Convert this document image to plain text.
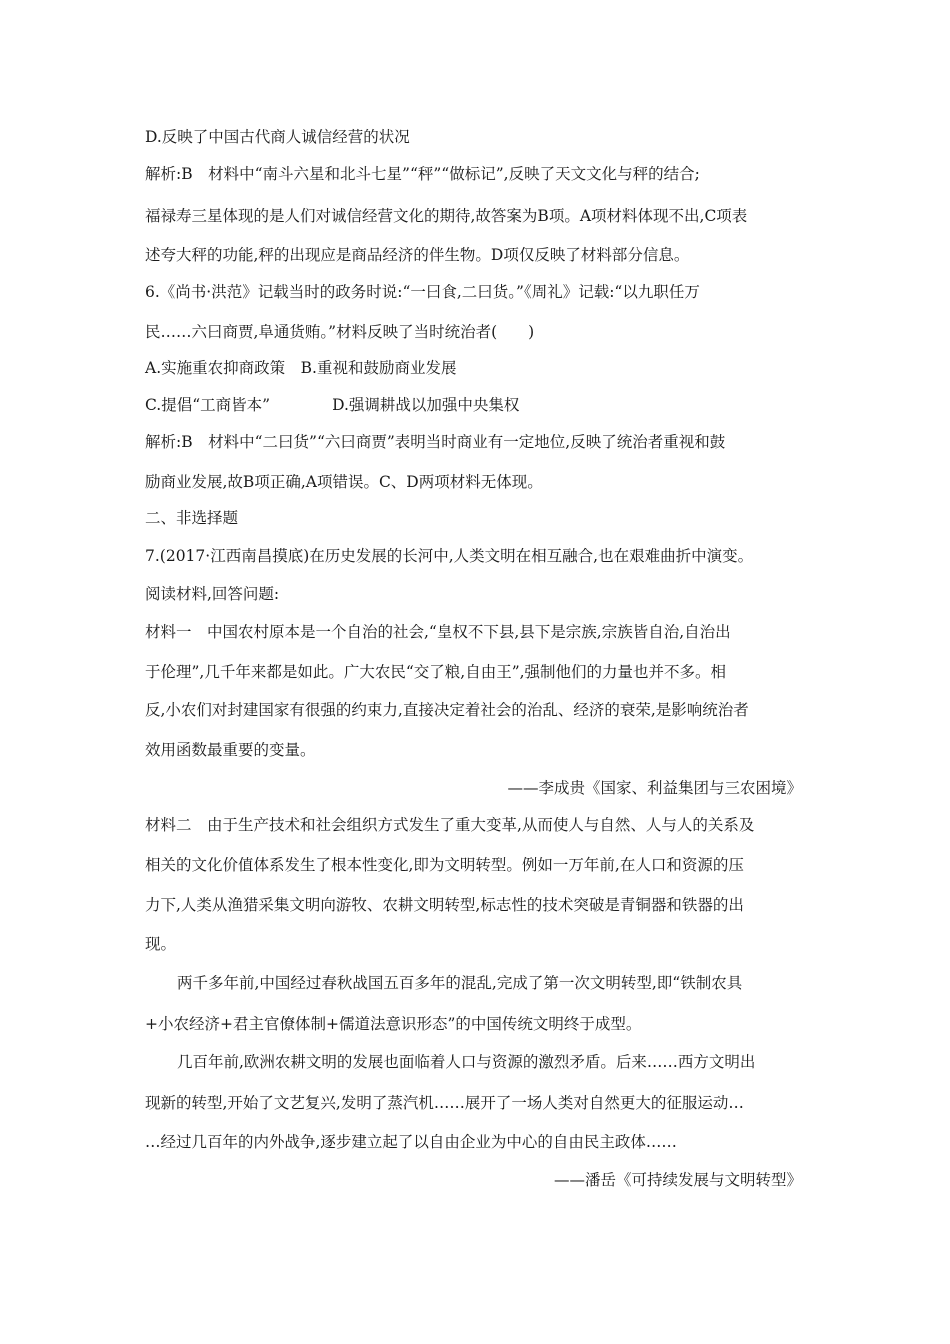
D.反映了中国古代商人诚信经营的状况
解析:B　材料中“南斗六星和北斗七星”“秤”“做标记”,反映了天文文化与秤的结合;
福禄寿三星体现的是人们对诚信经营文化的期待,故答案为B项。A项材料体现不出,C项表
述夸大秤的功能,秤的出现应是商品经济的伴生物。D项仅反映了材料部分信息。
6.《尚书·洪范》记载当时的政务时说:“一曰食,二曰货。”《周礼》记载:“以九职任万
民……六曰商贾,阜通货贿。”材料反映了当时统治者(　　)
A.实施重农抑商政策　B.重视和鼓励商业发展
C.提倡“工商皆本”　　　　D.强调耕战以加强中央集权
解析:B　材料中“二曰货”“六曰商贾”表明当时商业有一定地位,反映了统治者重视和鼓
励商业发展,故B项正确,A项错误。C、D两项材料无体现。
二、非选择题
7.(2017·江西南昌摸底)在历史发展的长河中,人类文明在相互融合,也在艰难曲折中演变。
阅读材料,回答问题:
材料一　中国农村原本是一个自治的社会,“皇权不下县,县下是宗族,宗族皆自治,自治出
于伦理”,几千年来都是如此。广大农民“交了粮,自由王”,强制他们的力量也并不多。相
反,小农们对封建国家有很强的约束力,直接决定着社会的治乱、经济的衰荣,是影响统治者
效用函数最重要的变量。
——李成贵《国家、利益集团与三农困境》
材料二　由于生产技术和社会组织方式发生了重大变革,从而使人与自然、人与人的关系及
相关的文化价值体系发生了根本性变化,即为文明转型。例如一万年前,在人口和资源的压
力下,人类从渔猎采集文明向游牧、农耕文明转型,标志性的技术突破是青铜器和铁器的出
现。
两千多年前,中国经过春秋战国五百多年的混乱,完成了第一次文明转型,即“铁制农具
+小农经济+君主官僚体制+儒道法意识形态”的中国传统文明终于成型。
几百年前,欧洲农耕文明的发展也面临着人口与资源的激烈矛盾。后来……西方文明出
现新的转型,开始了文艺复兴,发明了蒸汽机……展开了一场人类对自然更大的征服运动…
…经过几百年的内外战争,逐步建立起了以自由企业为中心的自由民主政体……
——潘岳《可持续发展与文明转型》
